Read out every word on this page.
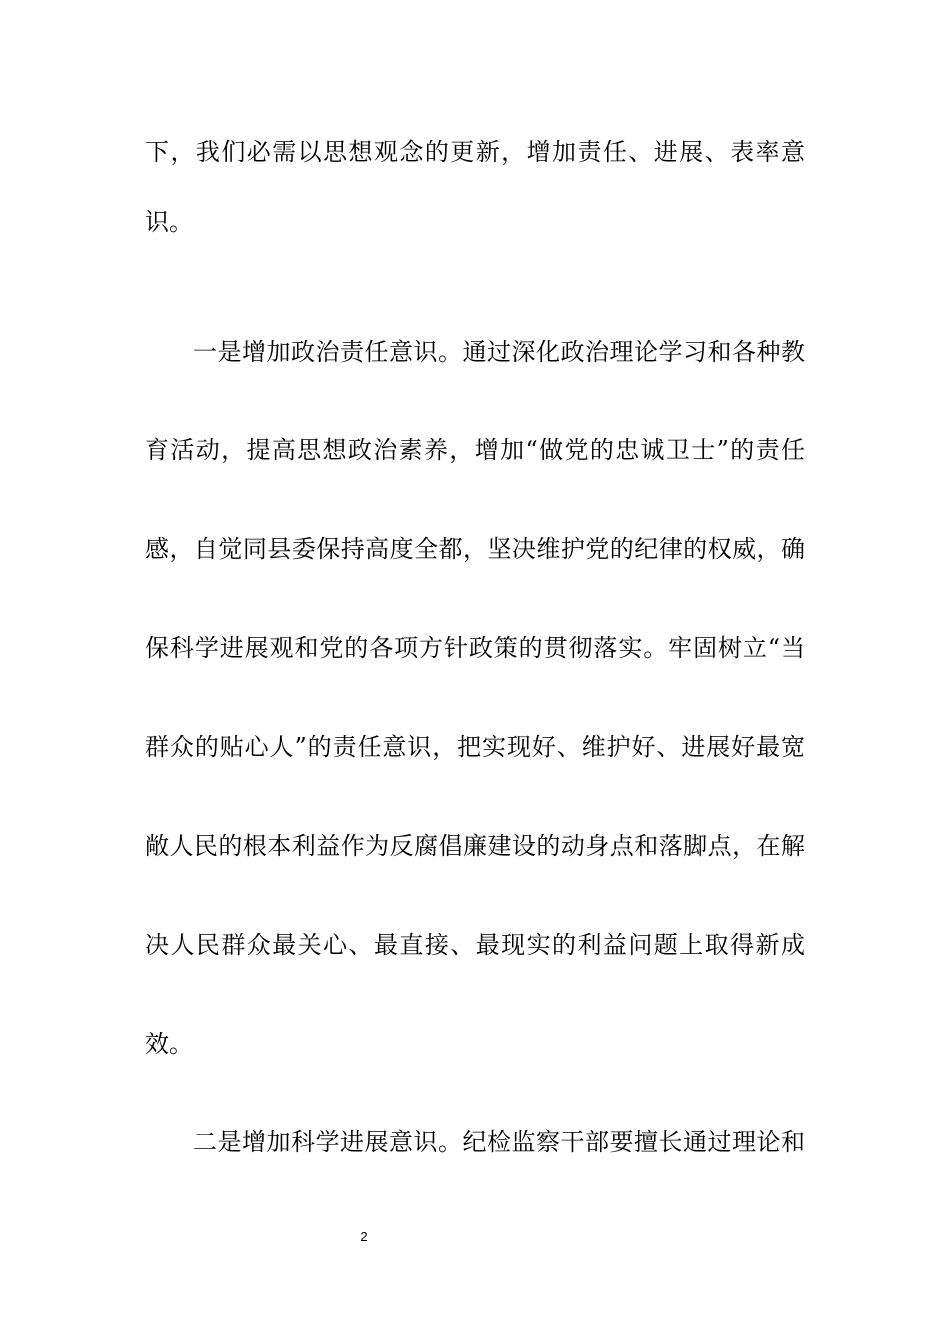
下，我们必需以思想观念的更新，增加责任、进展、表率意

识。

一是增加政治责任意识。通过深化政治理论学习和各种教

育活动，提高思想政治素养，增加“做党的忠诚卫士”的责任

感，自觉同县委保持高度全都，坚决维护党的纪律的权威，确

保科学进展观和党的各项方针政策的贯彻落实。牢固树立“当

群众的贴心人”的责任意识，把实现好、维护好、进展好最宽

敞人民的根本利益作为反腐倡廉建设的动身点和落脚点，在解

决人民群众最关心、最直接、最现实的利益问题上取得新成

效。

二是增加科学进展意识。纪检监察干部要擅长通过理论和

2
